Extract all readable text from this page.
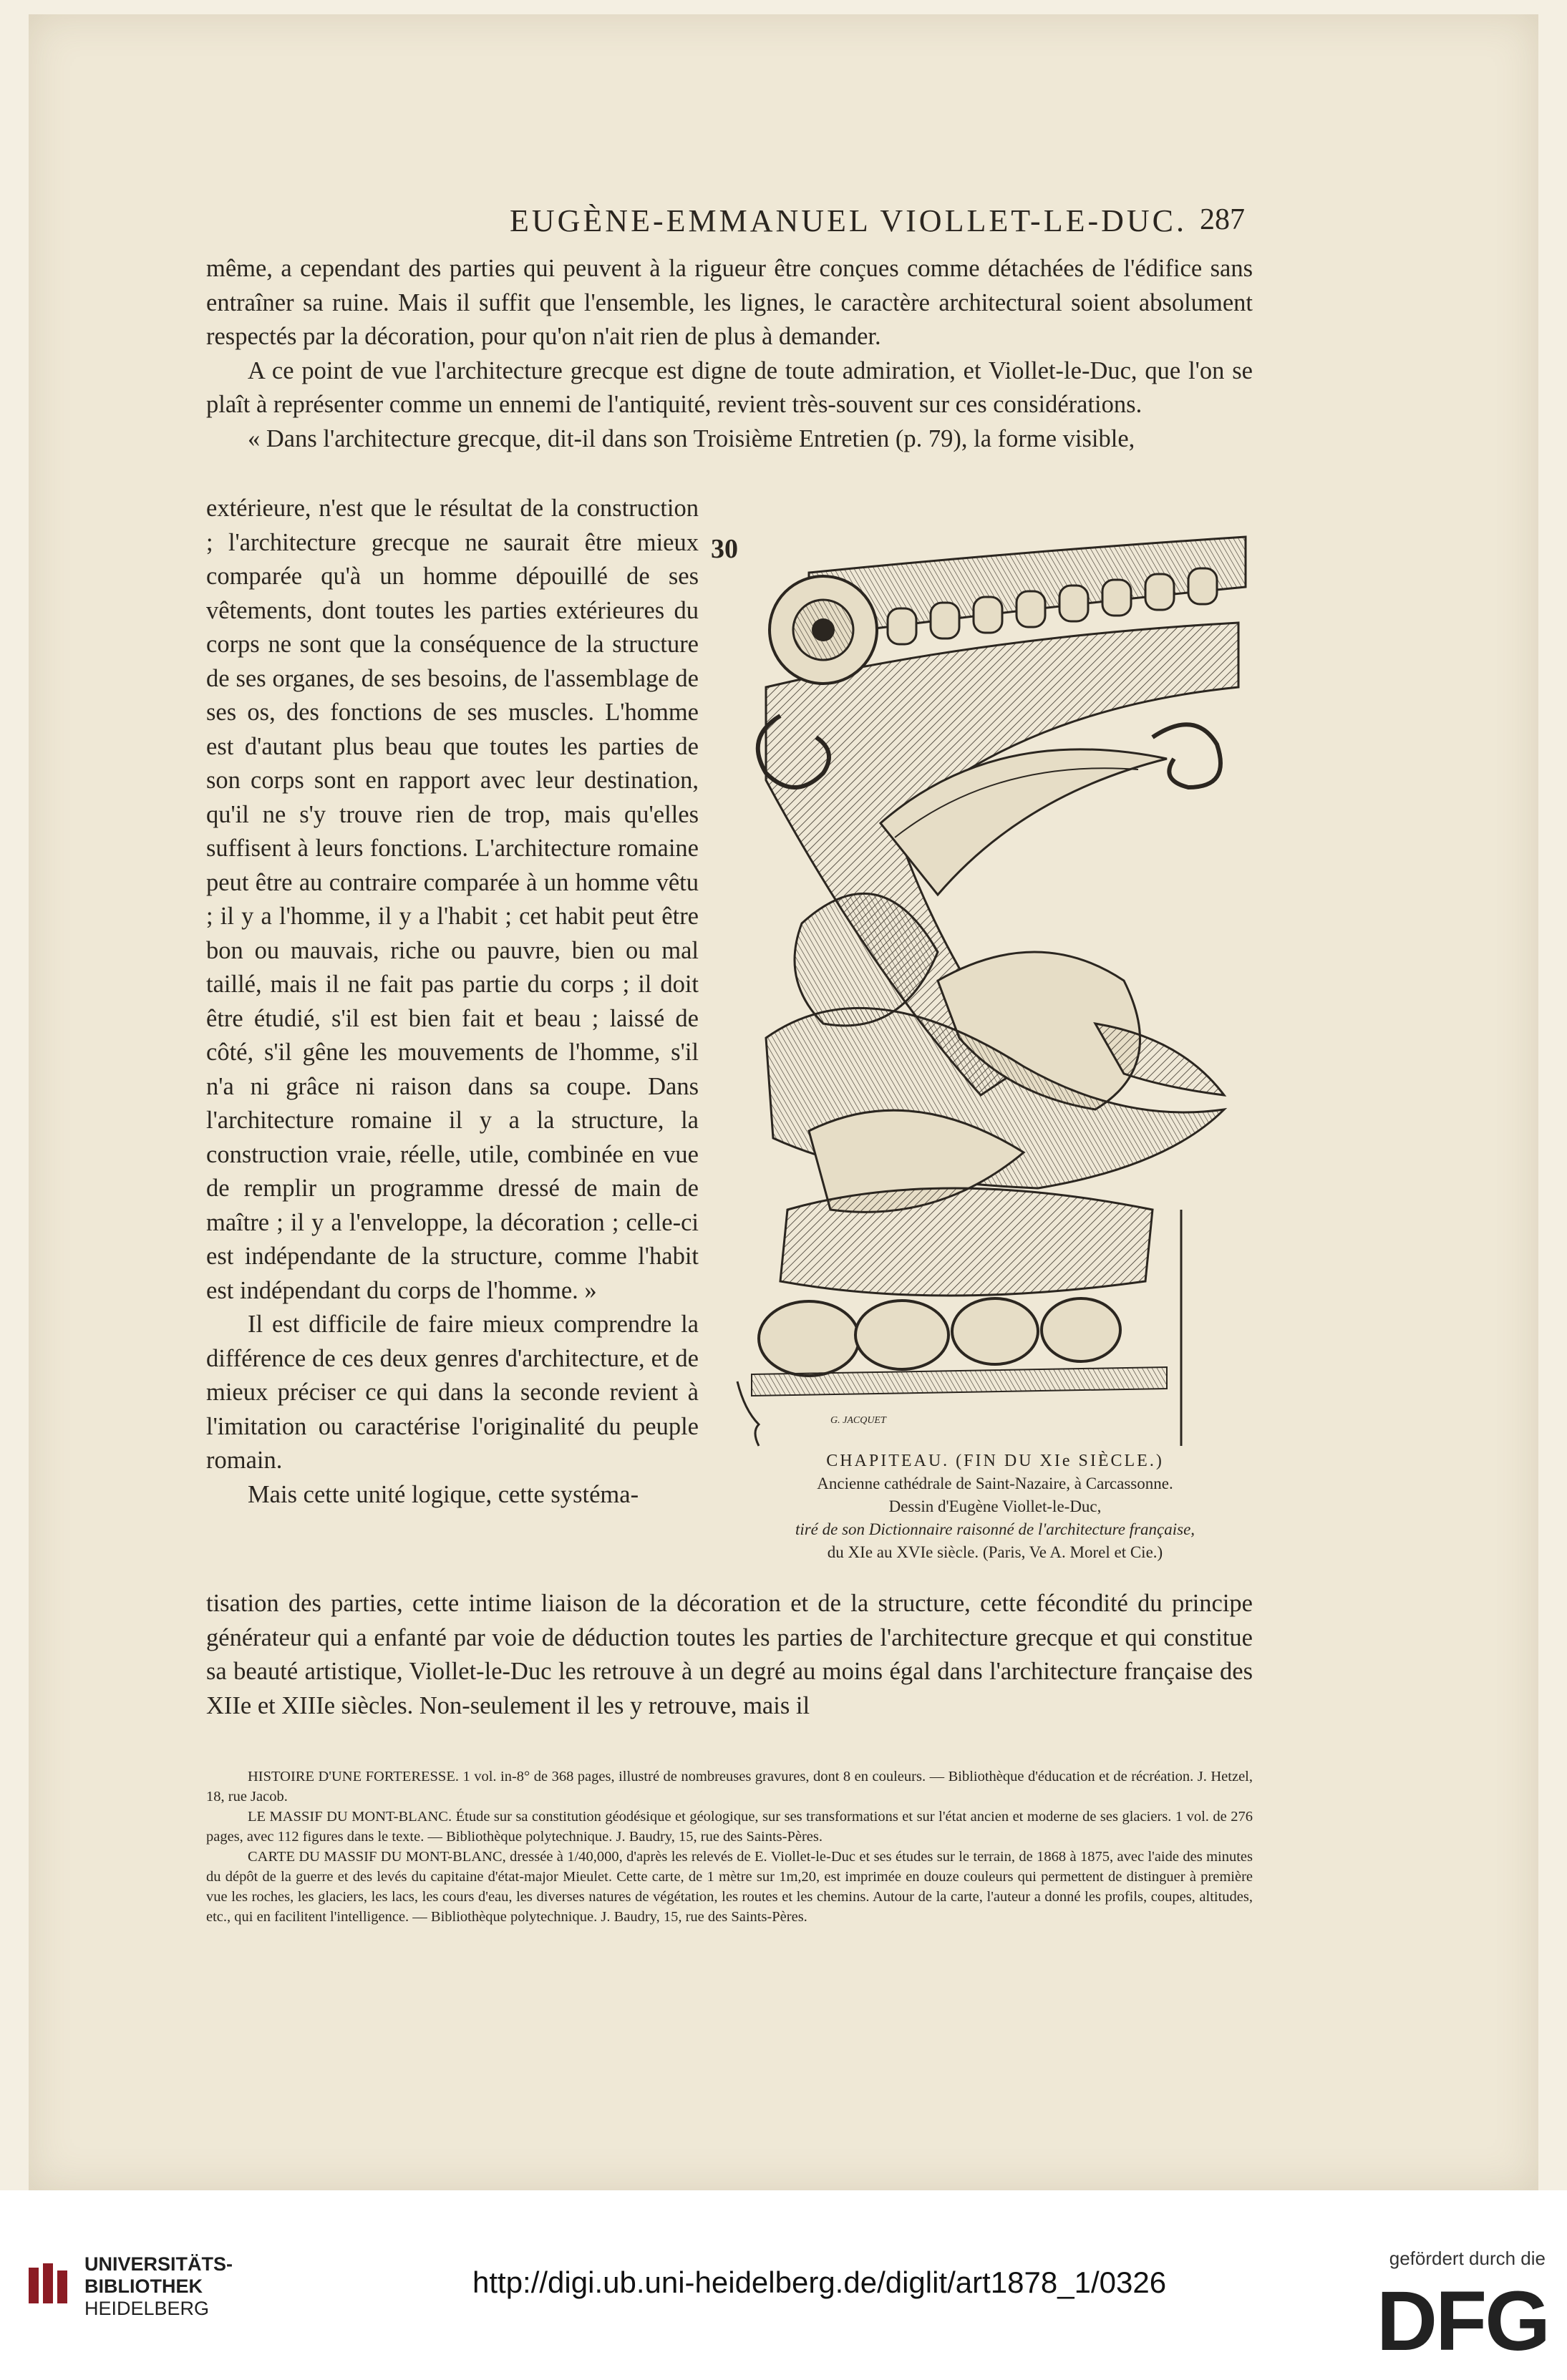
EUGÈNE-EMMANUEL VIOLLET-LE-DUC. 287

même, a cependant des parties qui peuvent à la rigueur être conçues comme détachées de l'édifice sans entraîner sa ruine. Mais il suffit que l'ensemble, les lignes, le caractère architectural soient absolument respectés par la décoration, pour qu'on n'ait rien de plus à demander.

A ce point de vue l'architecture grecque est digne de toute admiration, et Viollet-le-Duc, que l'on se plaît à représenter comme un ennemi de l'antiquité, revient très-souvent sur ces considérations.

« Dans l'architecture grecque, dit-il dans son Troisième Entretien (p. 79), la forme visible,

extérieure, n'est que le résultat de la construction ; l'architecture grecque ne saurait être mieux comparée qu'à un homme dépouillé de ses vêtements, dont toutes les parties extérieures du corps ne sont que la conséquence de la structure de ses organes, de ses besoins, de l'assemblage de ses os, des fonctions de ses muscles. L'homme est d'autant plus beau que toutes les parties de son corps sont en rapport avec leur destination, qu'il ne s'y trouve rien de trop, mais qu'elles suffisent à leurs fonctions. L'architecture romaine peut être au contraire comparée à un homme vêtu ; il y a l'homme, il y a l'habit ; cet habit peut être bon ou mauvais, riche ou pauvre, bien ou mal taillé, mais il ne fait pas partie du corps ; il doit être étudié, s'il est bien fait et beau ; laissé de côté, s'il gêne les mouvements de l'homme, s'il n'a ni grâce ni raison dans sa coupe. Dans l'architecture romaine il y a la structure, la construction vraie, réelle, utile, combinée en vue de remplir un programme dressé de main de maître ; il y a l'enveloppe, la décoration ; celle-ci est indépendante de la structure, comme l'habit est indépendant du corps de l'homme. »

Il est difficile de faire mieux comprendre la différence de ces deux genres d'architecture, et de mieux préciser ce qui dans la seconde revient à l'imitation ou caractérise l'originalité du peuple romain.

Mais cette unité logique, cette systéma-

tisation des parties, cette intime liaison de la décoration et de la structure, cette fécondité du principe générateur qui a enfanté par voie de déduction toutes les parties de l'architecture grecque et qui constitue sa beauté artistique, Viollet-le-Duc les retrouve à un degré au moins égal dans l'architecture française des XIIe et XIIIe siècles. Non-seulement il les y retrouve, mais il

30
G. JACQUET
CHAPITEAU. (FIN DU XIe SIÈCLE.)
Ancienne cathédrale de Saint-Nazaire, à Carcassonne.
Dessin d'Eugène Viollet-le-Duc,
tiré de son Dictionnaire raisonné de l'architecture française,
du XIe au XVIe siècle. (Paris, Ve A. Morel et Cie.)

HISTOIRE D'UNE FORTERESSE. 1 vol. in-8° de 368 pages, illustré de nombreuses gravures, dont 8 en couleurs. — Bibliothèque d'éducation et de récréation. J. Hetzel, 18, rue Jacob.

LE MASSIF DU MONT-BLANC. Étude sur sa constitution géodésique et géologique, sur ses transformations et sur l'état ancien et moderne de ses glaciers. 1 vol. de 276 pages, avec 112 figures dans le texte. — Bibliothèque polytechnique. J. Baudry, 15, rue des Saints-Pères.

CARTE DU MASSIF DU MONT-BLANC, dressée à 1/40,000, d'après les relevés de E. Viollet-le-Duc et ses études sur le terrain, de 1868 à 1875, avec l'aide des minutes du dépôt de la guerre et des levés du capitaine d'état-major Mieulet. Cette carte, de 1 mètre sur 1m,20, est imprimée en douze couleurs qui permettent de distinguer à première vue les roches, les glaciers, les lacs, les cours d'eau, les diverses natures de végétation, les routes et les chemins. Autour de la carte, l'auteur a donné les profils, coupes, altitudes, etc., qui en facilitent l'intelligence. — Bibliothèque polytechnique. J. Baudry, 15, rue des Saints-Pères.

UNIVERSITÄTS-
BIBLIOTHEK
HEIDELBERG
http://digi.ub.uni-heidelberg.de/diglit/art1878_1/0326
gefördert durch die
DFG
